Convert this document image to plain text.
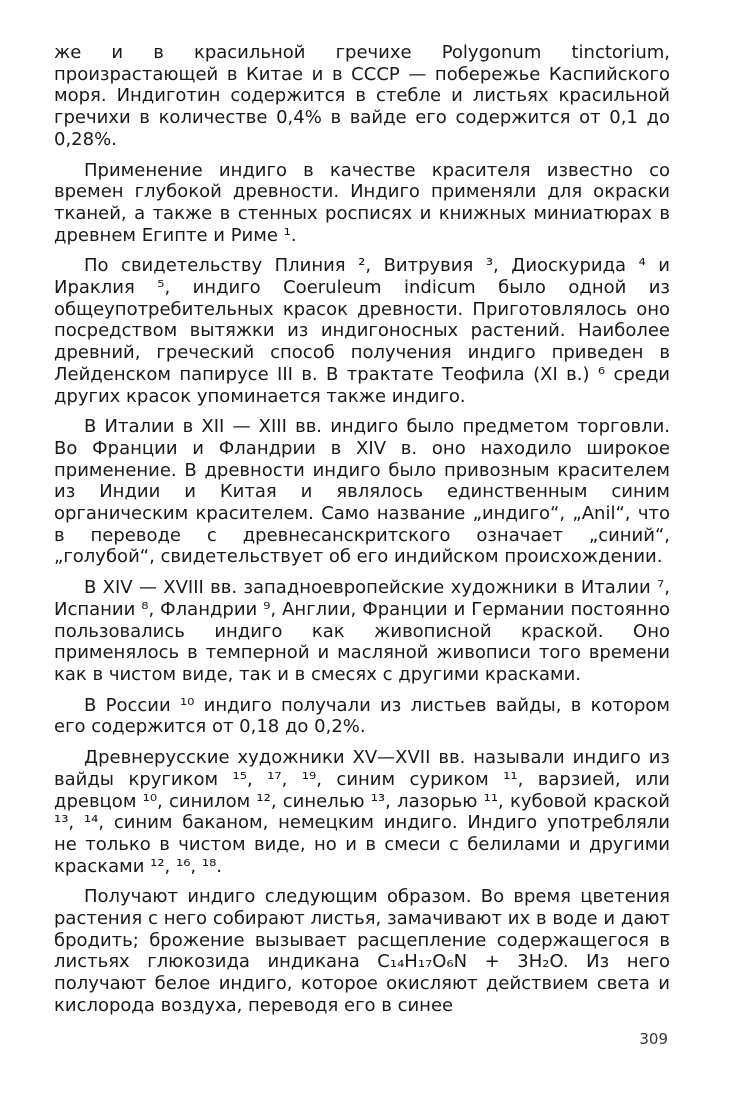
же и в красильной гречихе Polygonum tinctorium, произрастающей в Китае и в СССР — побережье Каспийского моря. Индиготин содержится в стебле и листьях красильной гречихи в количестве 0,4% в вайде его содержится от 0,1 до 0,28%.

Применение индиго в качестве красителя известно со времен глубокой древности. Индиго применяли для окраски тканей, а также в стенных росписях и книжных миниатюрах в древнем Египте и Риме ¹.

По свидетельству Плиния ², Витрувия ³, Диоскурида ⁴ и Ираклия ⁵, индиго Coeruleum indicum было одной из общеупотребительных красок древности. Приготовлялось оно посредством вытяжки из индигоносных растений. Наиболее древний, греческий способ получения индиго приведен в Лейденском папирусе III в. В трактате Теофила (XI в.) ⁶ среди других красок упоминается также индиго.

В Италии в XII — XIII вв. индиго было предметом торговли. Во Франции и Фландрии в XIV в. оно находило широкое применение. В древности индиго было привозным красителем из Индии и Китая и являлось единственным синим органическим красителем. Само название „индиго“, „Anil“, что в переводе с древнесанскритского означает „синий“, „голубой“, свидетельствует об его индийском происхождении.

В XIV — XVIII вв. западноевропейские художники в Италии ⁷, Испании ⁸, Фландрии ⁹, Англии, Франции и Германии постоянно пользовались индиго как живописной краской. Оно применялось в темперной и масляной живописи того времени как в чистом виде, так и в смесях с другими красками.

В России ¹⁰ индиго получали из листьев вайды, в котором его содержится от 0,18 до 0,2%.

Древнерусские художники XV—XVII вв. называли индиго из вайды кругиком ¹⁵, ¹⁷, ¹⁹, синим суриком ¹¹, варзией, или древцом ¹⁰, синилом ¹², синелью ¹³, лазорью ¹¹, кубовой краской ¹³, ¹⁴, синим баканом, немецким индиго. Индиго употребляли не только в чистом виде, но и в смеси с белилами и другими красками ¹², ¹⁶, ¹⁸.

Получают индиго следующим образом. Во время цветения растения с него собирают листья, замачивают их в воде и дают бродить; брожение вызывает расщепление содержащегося в листьях глюкозида индикана C₁₄H₁₇O₆N + 3H₂O. Из него получают белое индиго, которое окисляют действием света и кислорода воздуха, переводя его в синее

309
